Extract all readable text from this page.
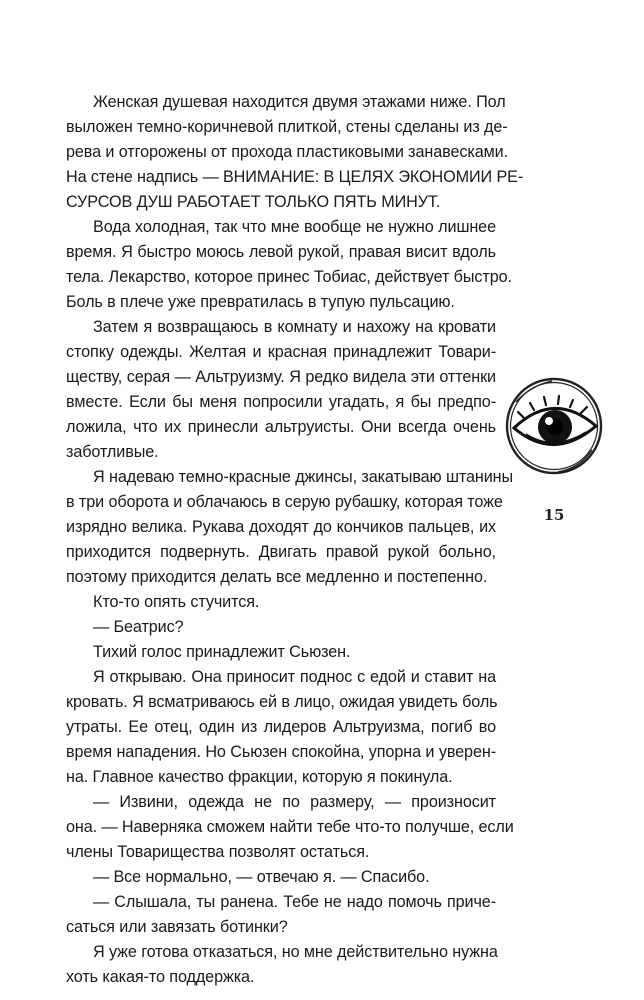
Женская душевая находится двумя этажами ниже. Пол
выложен темно-коричневой плиткой, стены сделаны из де-
рева и отгорожены от прохода пластиковыми занавесками.
На стене надпись — ВНИМАНИЕ: В ЦЕЛЯХ ЭКОНОМИИ РЕ-
СУРСОВ ДУШ РАБОТАЕТ ТОЛЬКО ПЯТЬ МИНУТ.
Вода холодная, так что мне вообще не нужно лишнее
время. Я быстро моюсь левой рукой, правая висит вдоль
тела. Лекарство, которое принес Тобиас, действует быстро.
Боль в плече уже превратилась в тупую пульсацию.
Затем я возвращаюсь в комнату и нахожу на кровати
стопку одежды. Желтая и красная принадлежит Товари-
ществу, серая — Альтруизму. Я редко видела эти оттенки
вместе. Если бы меня попросили угадать, я бы предпо-
ложила, что их принесли альтруисты. Они всегда очень
заботливые.
Я надеваю темно-красные джинсы, закатываю штанины
в три оборота и облачаюсь в серую рубашку, которая тоже
изрядно велика. Рукава доходят до кончиков пальцев, их
приходится подвернуть. Двигать правой рукой больно,
поэтому приходится делать все медленно и постепенно.
Кто-то опять стучится.
— Беатрис?
Тихий голос принадлежит Сьюзен.
Я открываю. Она приносит поднос с едой и ставит на
кровать. Я всматриваюсь ей в лицо, ожидая увидеть боль
утраты. Ее отец, один из лидеров Альтруизма, погиб во
время нападения. Но Сьюзен спокойна, упорна и уверен-
на. Главное качество фракции, которую я покинула.
— Извини, одежда не по размеру, — произносит
она. — Наверняка сможем найти тебе что-то получше, если
члены Товарищества позволят остаться.
— Все нормально, — отвечаю я. — Спасибо.
— Слышала, ты ранена. Тебе не надо помочь приче-
саться или завязать ботинки?
Я уже готова отказаться, но мне действительно нужна
хоть какая-то поддержка.
15
